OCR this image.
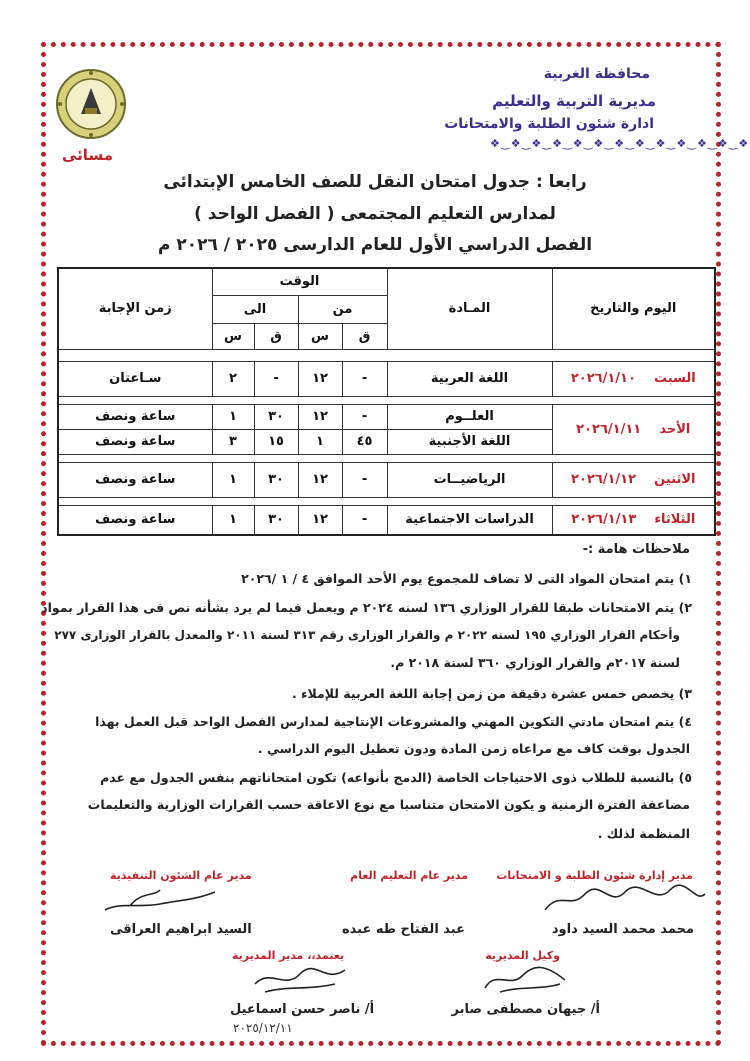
محافظة الغربية
مديرية التربية والتعليم
ادارة شئون الطلبة والامتحانات
❖‿❖‿❖‿❖‿❖‿❖‿❖‿❖‿❖‿❖‿❖‿❖‿❖
مسائى
رابعا : جدول امتحان النقل للصف الخامس الإبتدائى
لمدارس التعليم المجتمعى ( الفصل الواحد )
الفصل الدراسي الأول للعام الدارسى ٢٠٢٥ / ٢٠٢٦ م
اليوم والتاريخ	المـادة	الوقت				زمن الإجابة
		من		الى		
		ق	س	ق	س	

السبت    ٢٠٢٦/١/١٠	اللغة العربية	-	١٢	-	٢	سـاعتان

الأحد    ٢٠٢٦/١/١١	العلــوم	-	١٢	٣٠	١	ساعة ونصف
	اللغة الأجنبية	٤٥	١	١٥	٣	ساعة ونصف

الاثنين    ٢٠٢٦/١/١٢	الرياضيــات	-	١٢	٣٠	١	ساعة ونصف

الثلاثاء    ٢٠٢٦/١/١٣	الدراسات الاجتماعية	-	١٢	٣٠	١	ساعة ونصف
ملاحظات هامة :-
١) يتم امتحان المواد التى لا تضاف للمجموع يوم الأحد الموافق ٤ / ١ /٢٠٢٦
٢) يتم الامتحانات طبقا للقرار الوزاري ١٣٦ لسنه ٢٠٢٤ م ويعمل فيما لم يرد بشأنه نص فى هذا القرار بمواد
وأحكام القرار الوزاري ١٩٥ لسنه ٢٠٢٢ م والقرار الوزارى رقم ٣١٣ لسنة ٢٠١١ والمعدل بالقرار الوزارى ٢٧٧
لسنة ٢٠١٧م والقرار الوزاري ٣٦٠ لسنة ٢٠١٨ م.
٣) يخصص خمس عشرة دقيقة من زمن إجابة اللغة العربية للإملاء .
٤) يتم امتحان مادتي التكوين المهني والمشروعات الإنتاجية لمدارس الفصل الواحد قبل العمل بهذا
الجدول بوقت كاف مع مراعاه زمن المادة ودون تعطيل اليوم الدراسي .
٥) بالنسبة للطلاب ذوى الاحتياجات الخاصة (الدمج بأنواعه) تكون امتحاناتهم بنفس الجدول مع عدم
مضاعفة الفترة الزمنية و يكون الامتحان متناسبا مع نوع الاعاقة حسب القرارات الوزارية والتعليمات
المنظمة لذلك .
مدير إدارة شئون الطلبة و الامتحانات
مدير عام التعليم العام
مدير عام الشئون التنفيذية
محمد محمد السيد داود
عبد الفتاح طه عبده
السيد ابراهيم العراقى
وكيل المديرية
يعتمد،، مدير المديرية
أ/ جيهان مصطفى صابر
أ/ ناصر حسن اسماعيل
٢٠٢٥/١٢/١١
